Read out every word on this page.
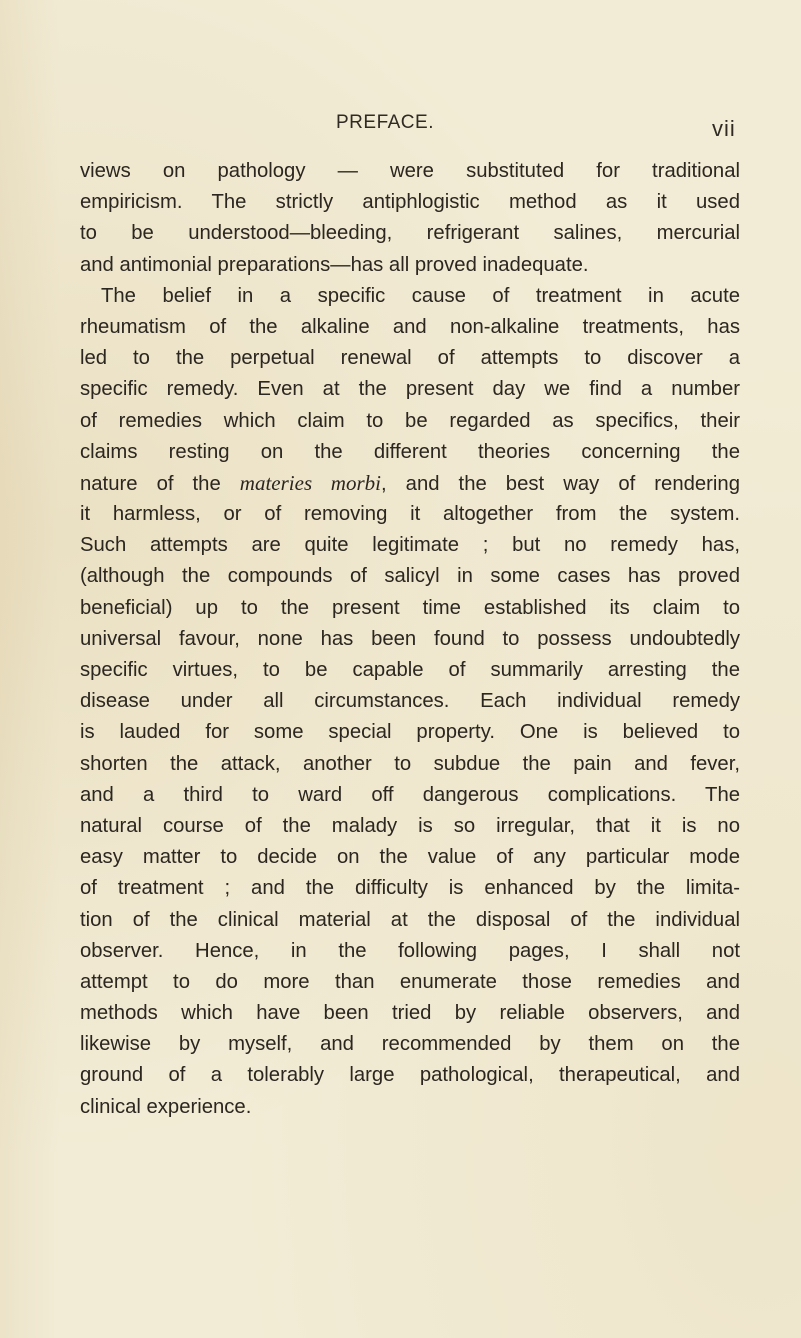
PREFACE.	vii
views on pathology — were substituted for traditional
empiricism. The strictly antiphlogistic method as it used
to be understood—bleeding, refrigerant salines, mercurial
and antimonial preparations—has all proved inadequate.
The belief in a specific cause of treatment in acute
rheumatism of the alkaline and non-alkaline treatments, has
led to the perpetual renewal of attempts to discover a
specific remedy. Even at the present day we find a number
of remedies which claim to be regarded as specifics, their
claims resting on the different theories concerning the
nature of the materies morbi, and the best way of rendering
it harmless, or of removing it altogether from the system.
Such attempts are quite legitimate ; but no remedy has,
(although the compounds of salicyl in some cases has proved
beneficial) up to the present time established its claim to
universal favour, none has been found to possess undoubtedly
specific virtues, to be capable of summarily arresting the
disease under all circumstances. Each individual remedy
is lauded for some special property. One is believed to
shorten the attack, another to subdue the pain and fever,
and a third to ward off dangerous complications. The
natural course of the malady is so irregular, that it is no
easy matter to decide on the value of any particular mode
of treatment ; and the difficulty is enhanced by the limita-
tion of the clinical material at the disposal of the individual
observer. Hence, in the following pages, I shall not
attempt to do more than enumerate those remedies and
methods which have been tried by reliable observers, and
likewise by myself, and recommended by them on the
ground of a tolerably large pathological, therapeutical, and
clinical experience.
